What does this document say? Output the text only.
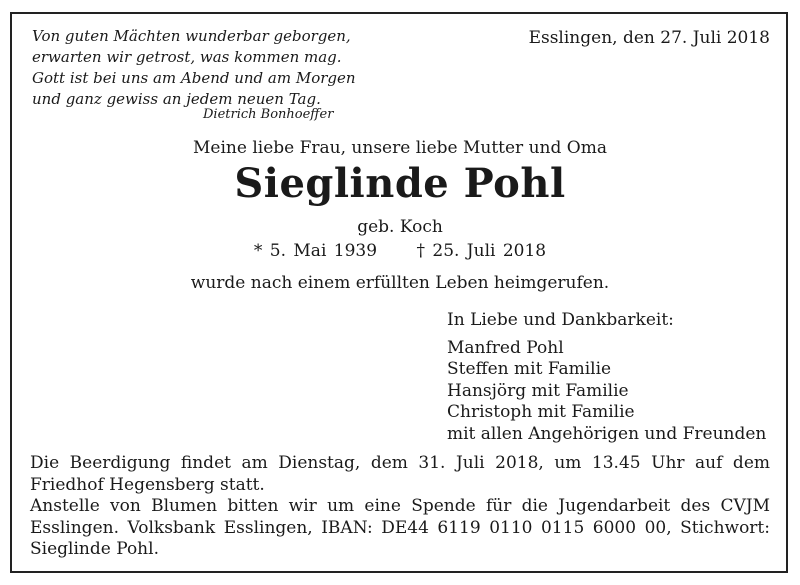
Von guten Mächten wunderbar geborgen,
erwarten wir getrost, was kommen mag.
Gott ist bei uns am Abend und am Morgen
und ganz gewiss an jedem neuen Tag.
Dietrich Bonhoeffer
Esslingen, den 27. Juli 2018
Meine liebe Frau, unsere liebe Mutter und Oma
Sieglinde Pohl
geb. Koch
* 5. Mai 1939 † 25. Juli 2018
wurde nach einem erfüllten Leben heimgerufen.
In Liebe und Dankbarkeit:
Manfred Pohl
Steffen mit Familie
Hansjörg mit Familie
Christoph mit Familie
mit allen Angehörigen und Freunden

Die Beerdigung findet am Dienstag, dem 31. Juli 2018, um 13.45 Uhr auf dem Friedhof Hegensberg statt.

Anstelle von Blumen bitten wir um eine Spende für die Jugendarbeit des CVJM Esslingen. Volksbank Esslingen, IBAN: DE44 6119 0110 0115 6000 00, Stichwort: Sieglinde Pohl.
